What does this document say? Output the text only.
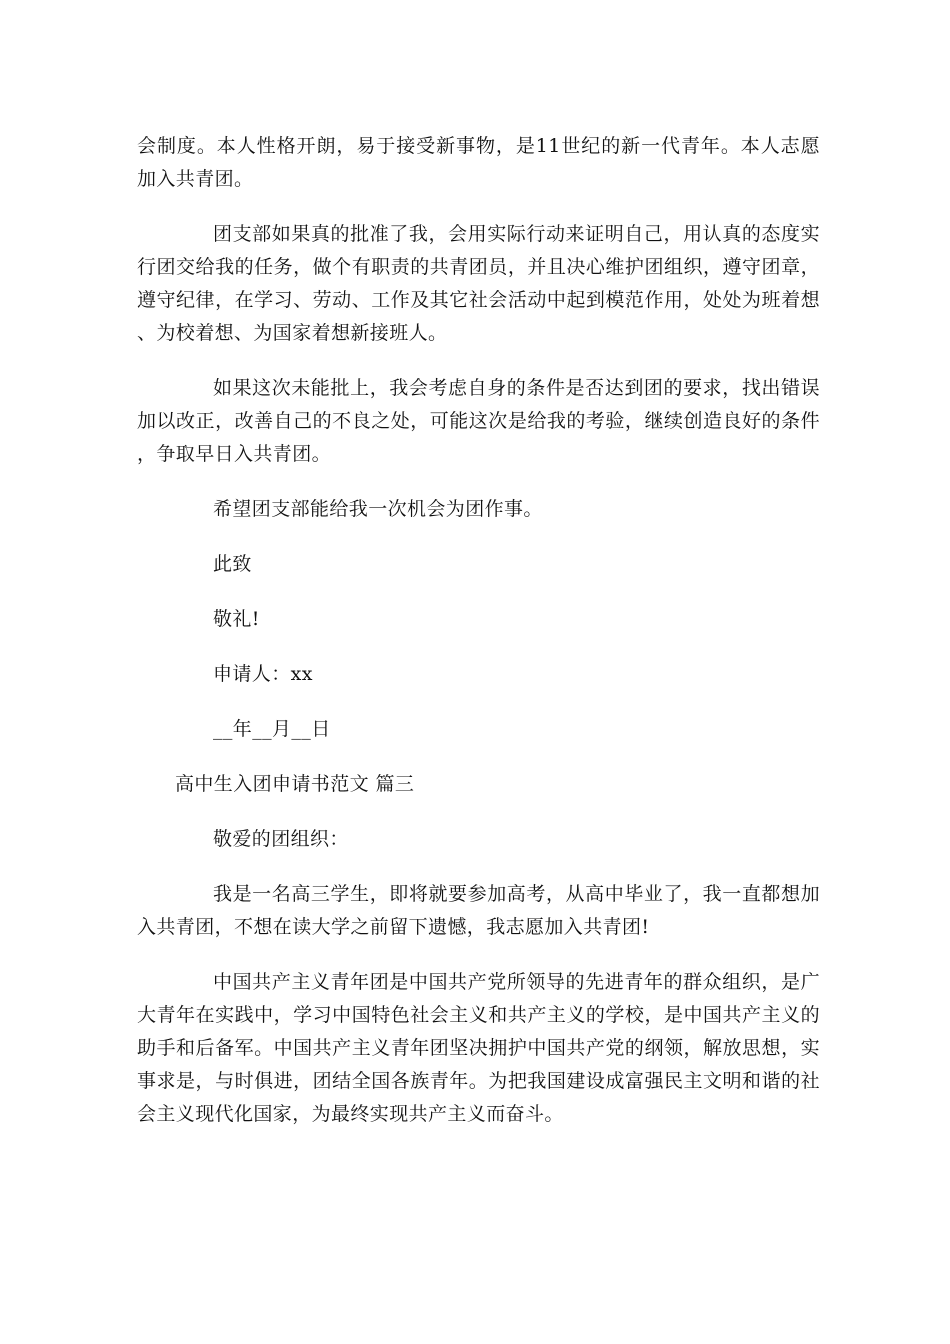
会制度。本人性格开朗，易于接受新事物，是11世纪的新一代青年。本人志愿加入共青团。

团支部如果真的批准了我，会用实际行动来证明自己，用认真的态度实行团交给我的任务，做个有职责的共青团员，并且决心维护团组织，遵守团章，遵守纪律，在学习、劳动、工作及其它社会活动中起到模范作用，处处为班着想、为校着想、为国家着想新接班人。

如果这次未能批上，我会考虑自身的条件是否达到团的要求，找出错误加以改正，改善自己的不良之处，可能这次是给我的考验，继续创造良好的条件，争取早日入共青团。

希望团支部能给我一次机会为团作事。

此致

敬礼!

申请人：xx

__年__月__日

高中生入团申请书范文 篇三

敬爱的团组织：

我是一名高三学生，即将就要参加高考，从高中毕业了，我一直都想加入共青团，不想在读大学之前留下遗憾，我志愿加入共青团!

中国共产主义青年团是中国共产党所领导的先进青年的群众组织，是广大青年在实践中，学习中国特色社会主义和共产主义的学校，是中国共产主义的助手和后备军。中国共产主义青年团坚决拥护中国共产党的纲领，解放思想，实事求是，与时俱进，团结全国各族青年。为把我国建设成富强民主文明和谐的社会主义现代化国家，为最终实现共产主义而奋斗。
